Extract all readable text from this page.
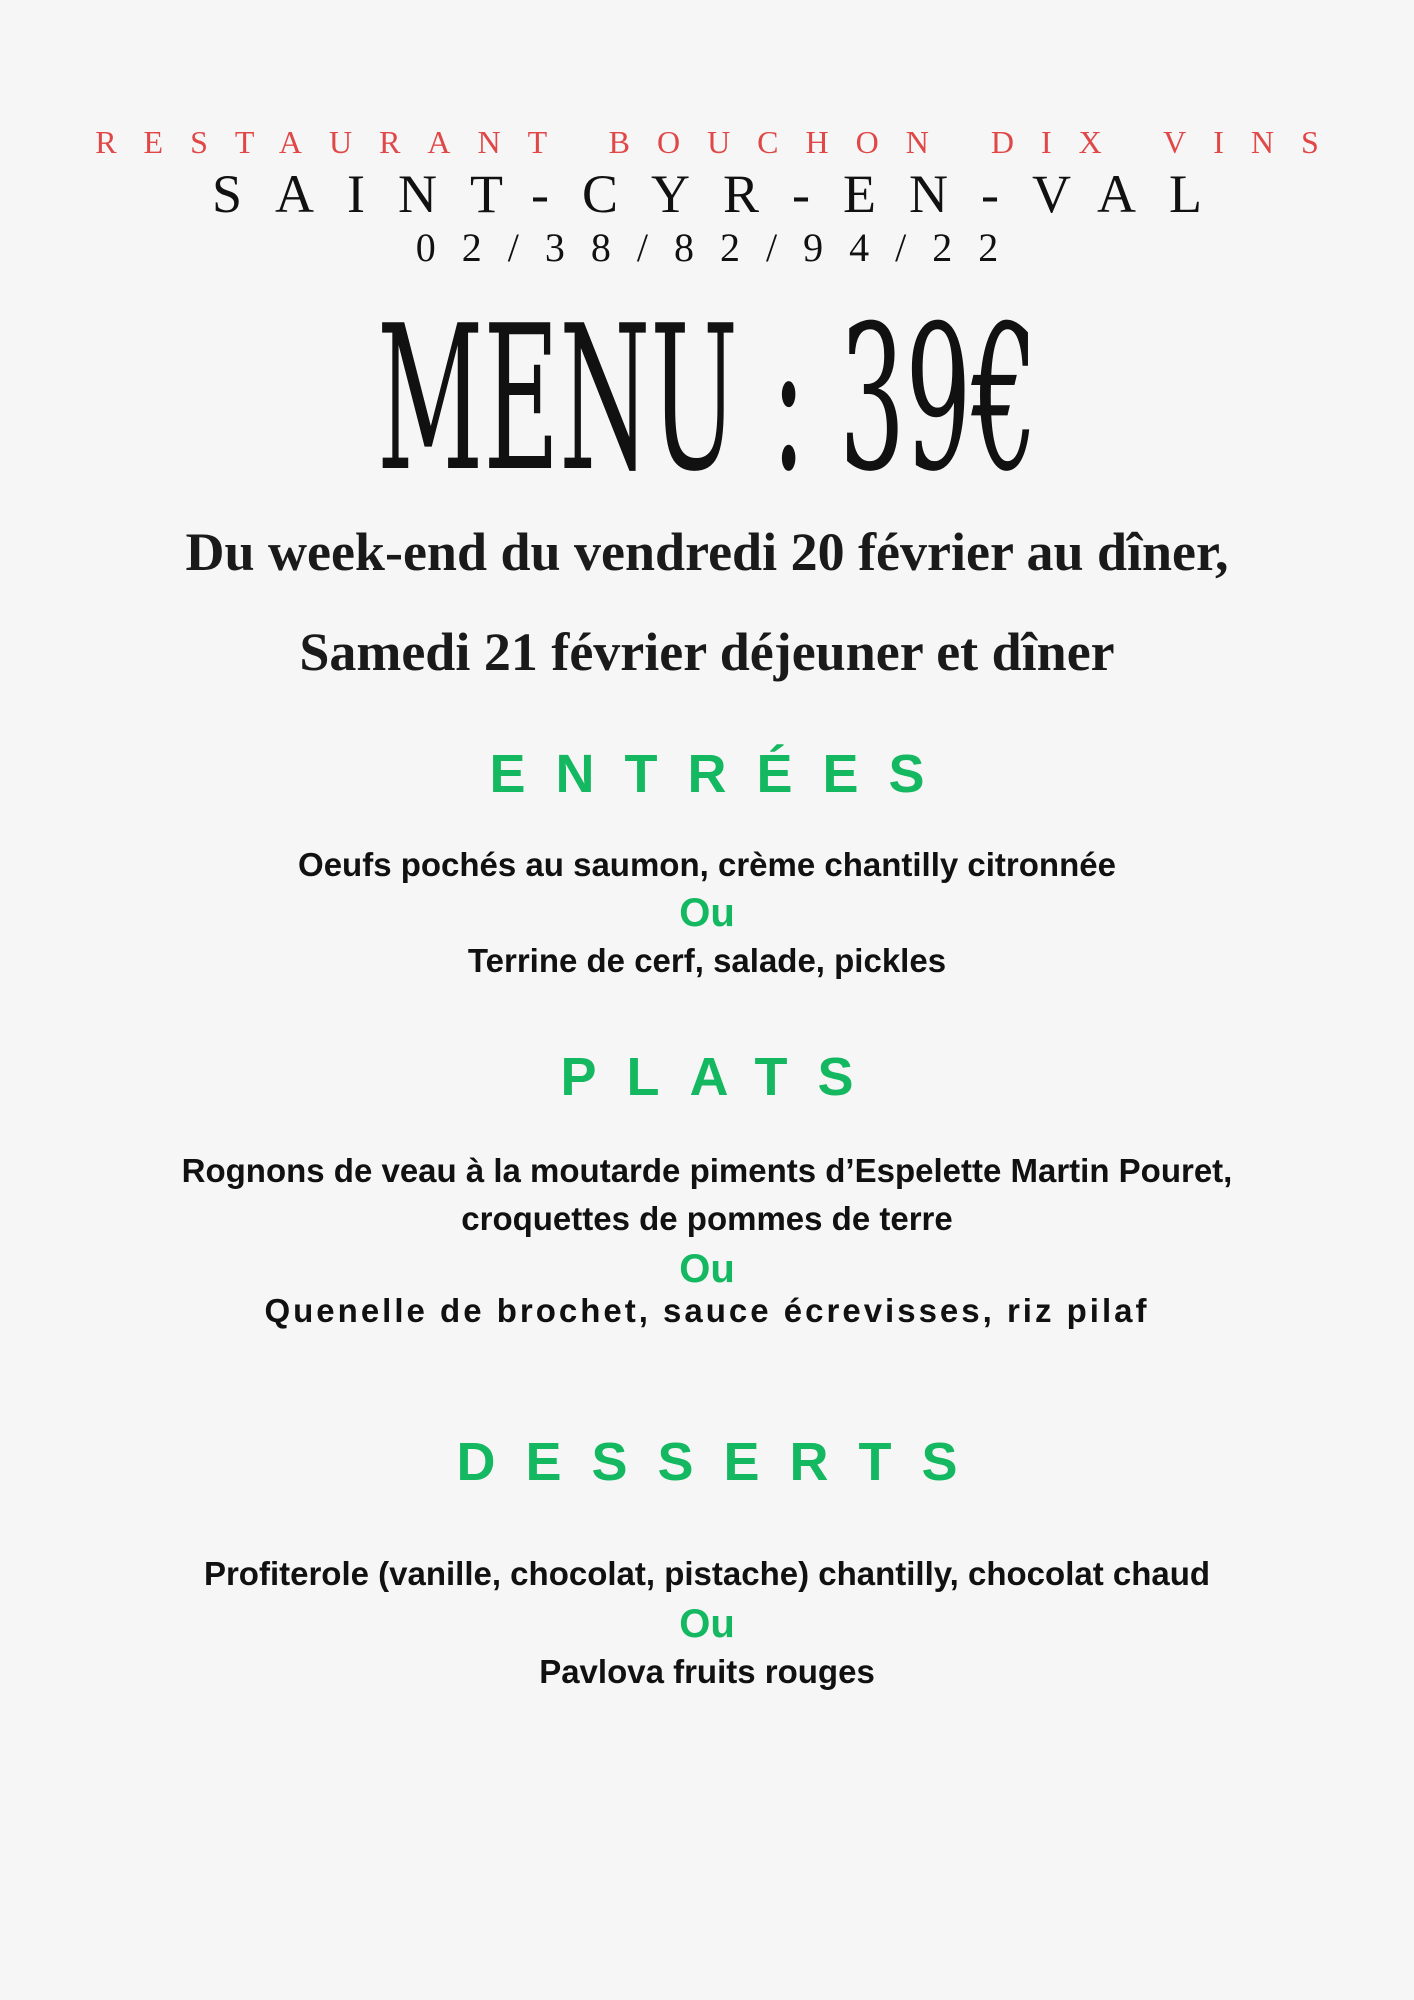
RESTAURANT BOUCHON DIX VINS
SAINT-CYR-EN-VAL
02/38/82/94/22
MENU : 39€
Du week-end du vendredi 20 février au dîner,
Samedi 21 février déjeuner et dîner
ENTRÉES
Oeufs pochés au saumon, crème chantilly citronnée
Ou
Terrine de cerf, salade, pickles
PLATS
Rognons de veau à la moutarde piments d’Espelette Martin Pouret,
croquettes de pommes de terre
Ou
Quenelle de brochet, sauce écrevisses, riz pilaf
DESSERTS
Profiterole (vanille, chocolat, pistache) chantilly, chocolat chaud
Ou
Pavlova fruits rouges
